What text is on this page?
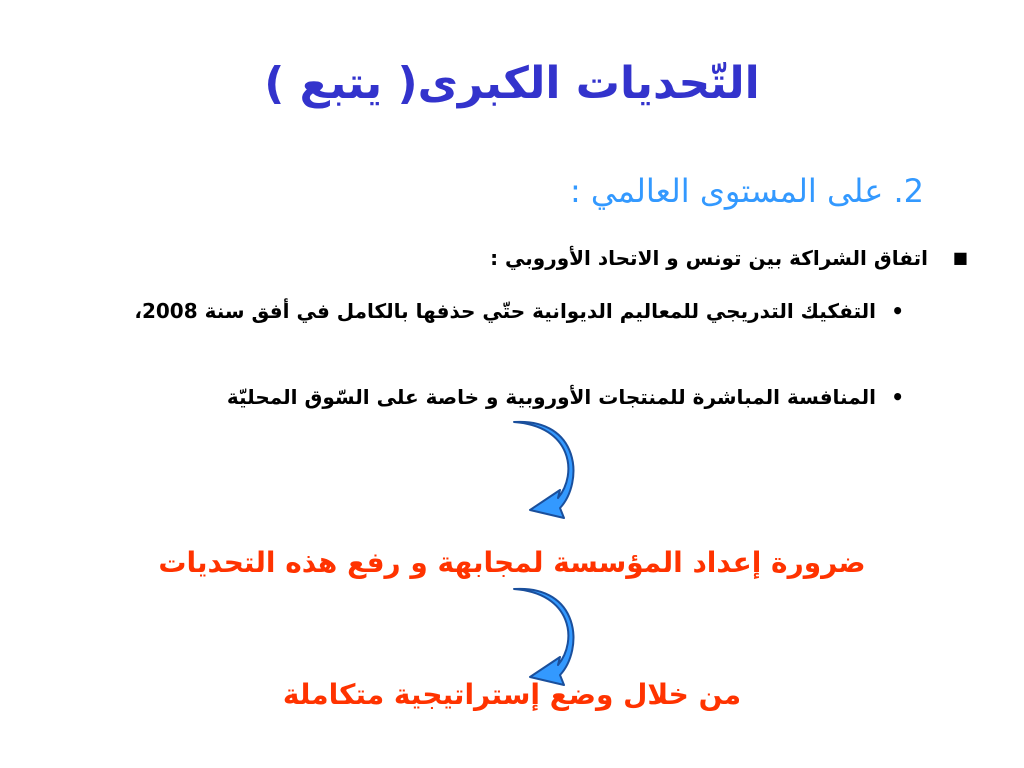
التّحديات الكبرى( يتبع )
2. على المستوى العالمي :
■
اتفاق الشراكة بين تونس و الاتحاد الأوروبي :
•
التفكيك التدريجي للمعاليم الديوانية حتّي حذفها بالكامل في أفق سنة 2008،
•
المنافسة المباشرة للمنتجات الأوروبية و خاصة على السّوق المحليّة
ضرورة إعداد المؤسسة لمجابهة و رفع هذه التحديات
من خلال وضع إستراتيجية متكاملة
